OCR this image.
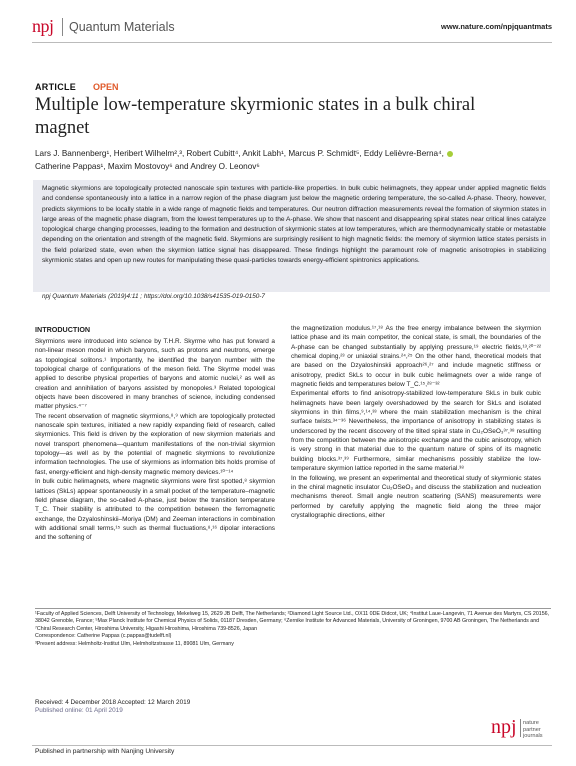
npj Quantum Materials	www.nature.com/npjquantmats
ARTICLE OPEN
Multiple low-temperature skyrmionic states in a bulk chiral magnet
Lars J. Bannenberg¹, Heribert Wilhelm²,³, Robert Cubitt⁴, Ankit Labh¹, Marcus P. Schmidt⁵, Eddy Lelièvre-Berna⁴,
Catherine Pappas¹, Maxim Mostovoy⁶ and Andrey O. Leonov⁶
Magnetic skyrmions are topologically protected nanoscale spin textures with particle-like properties. In bulk cubic helimagnets, they appear under applied magnetic fields and condense spontaneously into a lattice in a narrow region of the phase diagram just below the magnetic ordering temperature, the so-called A-phase. Theory, however, predicts skyrmions to be locally stable in a wide range of magnetic fields and temperatures. Our neutron diffraction measurements reveal the formation of skyrmion states in large areas of the magnetic phase diagram, from the lowest temperatures up to the A-phase. We show that nascent and disappearing spiral states near critical lines catalyze topological charge changing processes, leading to the formation and destruction of skyrmionic states at low temperatures, which are thermodynamically stable or metastable depending on the orientation and strength of the magnetic field. Skyrmions are surprisingly resilient to high magnetic fields: the memory of skyrmion lattice states persists in the field polarized state, even when the skyrmion lattice signal has disappeared. These findings highlight the paramount role of magnetic anisotropies in stabilizing skyrmionic states and open up new routes for manipulating these quasi-particles towards energy-efficient spintronics applications.
npj Quantum Materials (2019)4:11 ; https://doi.org/10.1038/s41535-019-0150-7
INTRODUCTION

Skyrmions were introduced into science by T.H.R. Skyrme who has put forward a non-linear meson model in which baryons, such as protons and neutrons, emerge as topological solitons.¹ Importantly, he identified the baryon number with the topological charge of configurations of the meson field. The Skyrme model was applied to describe physical properties of baryons and atomic nuclei,² as well as creation and annihilation of baryons assisted by monopoles.³ Related topological objects have been discovered in many branches of science, including condensed matter physics.⁴⁻⁷

The recent observation of magnetic skyrmions,⁸,⁹ which are topologically protected nanoscale spin textures, initiated a new rapidly expanding field of research, called skyrmionics. This field is driven by the exploration of new skyrmion materials and novel transport phenomena—quantum manifestations of the non-trivial skyrmion topology—as well as by the potential of magnetic skyrmions to revolutionize information technologies. The use of skyrmions as information bits holds promise of fast, energy-efficient and high-density magnetic memory devices.¹⁰⁻¹⁴

In bulk cubic helimagnets, where magnetic skyrmions were first spotted,⁸ skyrmion lattices (SkLs) appear spontaneously in a small pocket of the temperature–magnetic field phase diagram, the so-called A-phase, just below the transition temperature T_C. Their stability is attributed to the competition between the ferromagnetic exchange, the Dzyaloshinskii–Moriya (DM) and Zeeman interactions in combination with additional small terms,¹⁵ such as thermal fluctuations,⁸,¹⁶ dipolar interactions and the softening of

the magnetization modulus.¹⁷,¹⁸ As the free energy imbalance between the skyrmion lattice phase and its main competitor, the conical state, is small, the boundaries of the A-phase can be changed substantially by applying pressure,¹⁹ electric fields,¹³,²⁰⁻²² chemical doping,²³ or uniaxial strains.²⁴,²⁵ On the other hand, theoretical models that are based on the Dzyaloshinskii approach²⁶,²⁷ and include magnetic stiffness or anisotropy, predict SkLs to occur in bulk cubic helimagnets over a wide range of magnetic fields and temperatures below T_C.¹⁵,²⁸⁻³²

Experimental efforts to find anisotropy-stabilized low-temperature SkLs in bulk cubic helimagnets have been largely overshadowed by the search for SkLs and isolated skyrmions in thin films,⁹,¹⁴,³³ where the main stabilization mechanism is the chiral surface twists.³⁴⁻³⁶ Nevertheless, the importance of anisotropy in stabilizing states is underscored by the recent discovery of the tilted spiral state in Cu₂OSeO₃³⁷,³⁸ resulting from the competition between the anisotropic exchange and the cubic anisotropy, which is very strong in that material due to the quantum nature of spins of its magnetic building blocks.³⁷,³⁹ Furthermore, similar mechanisms possibly stabilize the low-temperature skyrmion lattice reported in the same material.³⁸

In the following, we present an experimental and theoretical study of skyrmionic states in the chiral magnetic insulator Cu₂OSeO₃ and discuss the stabilization and nucleation mechanisms thereof. Small angle neutron scattering (SANS) measurements were performed by carefully applying the magnetic field along the three major crystallographic directions, either

¹Faculty of Applied Sciences, Delft University of Technology, Mekelweg 15, 2629 JB Delft, The Netherlands; ²Diamond Light Source Ltd., OX11 0DE Didcot, UK; ⁴Institut Laue-Langevin, 71 Avenue des Martyrs, CS 20156, 38042 Grenoble, France; ⁵Max Planck Institute for Chemical Physics of Solids, 01187 Dresden, Germany; ⁶Zernike Institute for Advanced Materials, University of Groningen, 9700 AB Groningen, The Netherlands and ⁷Chiral Research Center, Hiroshima University, Higashi Hiroshima, Hiroshima 739-8526, Japan
Correspondence: Catherine Pappas (c.pappas@tudelft.nl)
³Present address: Helmholtz-Institut Ulm, Helmholtzstrasse 11, 89081 Ulm, Germany
Received: 4 December 2018 Accepted: 12 March 2019
Published online: 01 April 2019
npj nature partner
journals
Published in partnership with Nanjing University
